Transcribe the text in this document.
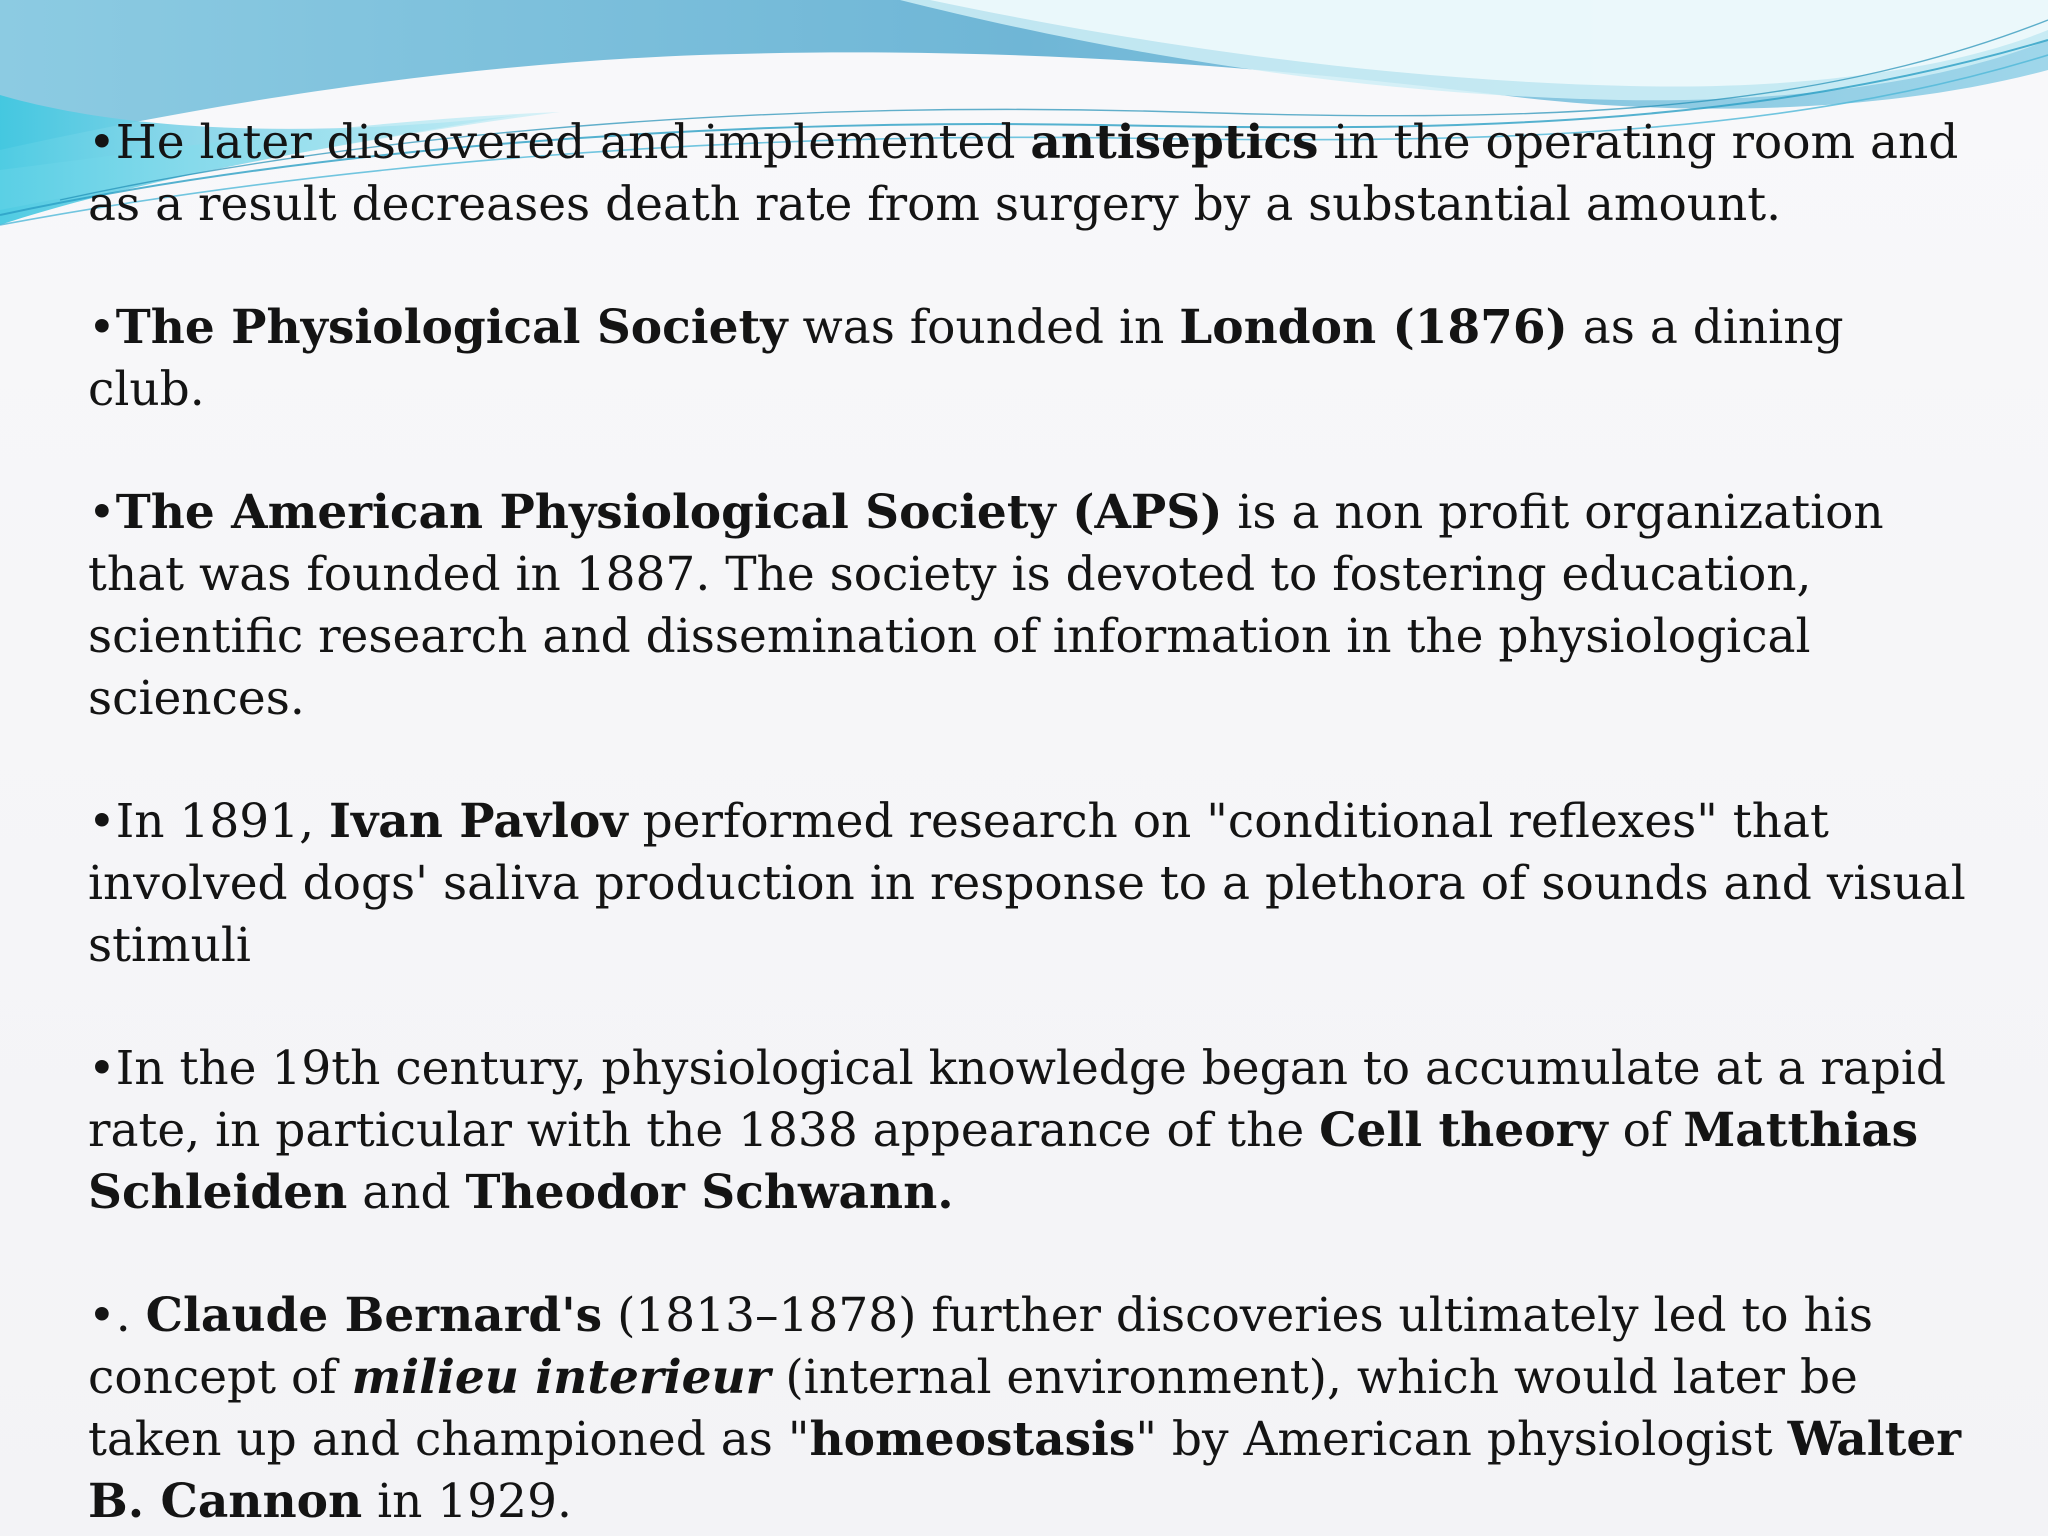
•He later discovered and implemented antiseptics in the operating room and as a result decreases death rate from surgery by a substantial amount.

•The Physiological Society was founded in London (1876) as a dining club.

•The American Physiological Society (APS) is a non profit organization that was founded in 1887. The society is devoted to fostering education, scientific research and dissemination of information in the physiological sciences.

•In 1891, Ivan Pavlov performed research on "conditional reflexes" that involved dogs' saliva production in response to a plethora of sounds and visual stimuli

•In the 19th century, physiological knowledge began to accumulate at a rapid rate, in particular with the 1838 appearance of the Cell theory of Matthias Schleiden and Theodor Schwann.

•. Claude Bernard's (1813–1878) further discoveries ultimately led to his concept of milieu interieur (internal environment), which would later be taken up and championed as "homeostasis" by American physiologist Walter B. Cannon in 1929.
